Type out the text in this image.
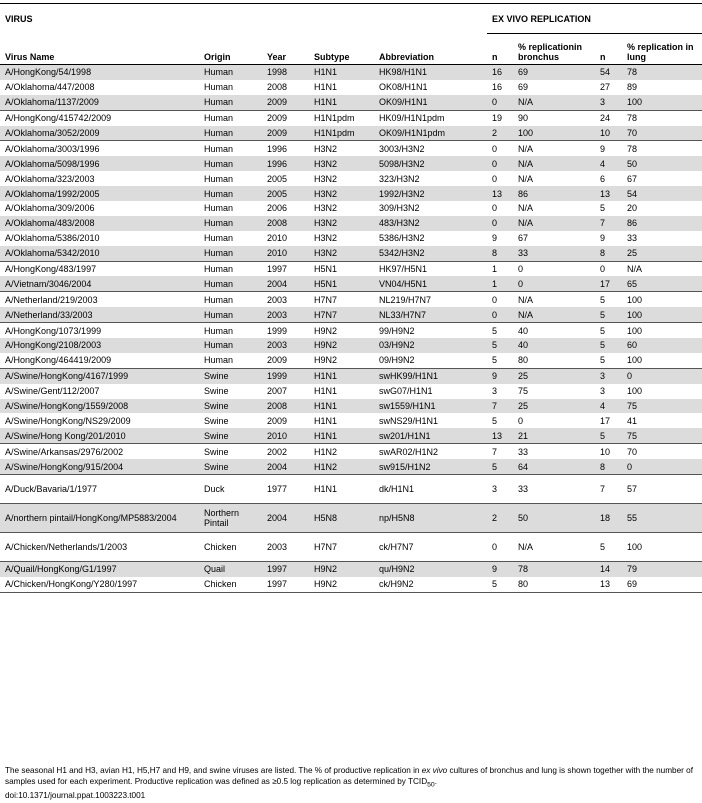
VIRUS					EX VIVO REPLICATION			
Virus Name	Origin	Year	Subtype	Abbreviation	n	% replicationin bronchus	n	% replication in lung
A/HongKong/54/1998	Human	1998	H1N1	HK98/H1N1	16	69	54	78
A/Oklahoma/447/2008	Human	2008	H1N1	OK08/H1N1	16	69	27	89
A/Oklahoma/1137/2009	Human	2009	H1N1	OK09/H1N1	0	N/A	3	100
A/HongKong/415742/2009	Human	2009	H1N1pdm	HK09/H1N1pdm	19	90	24	78
A/Oklahoma/3052/2009	Human	2009	H1N1pdm	OK09/H1N1pdm	2	100	10	70
A/Oklahoma/3003/1996	Human	1996	H3N2	3003/H3N2	0	N/A	9	78
A/Oklahoma/5098/1996	Human	1996	H3N2	5098/H3N2	0	N/A	4	50
A/Oklahoma/323/2003	Human	2005	H3N2	323/H3N2	0	N/A	6	67
A/Oklahoma/1992/2005	Human	2005	H3N2	1992/H3N2	13	86	13	54
A/Oklahoma/309/2006	Human	2006	H3N2	309/H3N2	0	N/A	5	20
A/Oklahoma/483/2008	Human	2008	H3N2	483/H3N2	0	N/A	7	86
A/Oklahoma/5386/2010	Human	2010	H3N2	5386/H3N2	9	67	9	33
A/Oklahoma/5342/2010	Human	2010	H3N2	5342/H3N2	8	33	8	25
A/HongKong/483/1997	Human	1997	H5N1	HK97/H5N1	1	0	0	N/A
A/Vietnam/3046/2004	Human	2004	H5N1	VN04/H5N1	1	0	17	65
A/Netherland/219/2003	Human	2003	H7N7	NL219/H7N7	0	N/A	5	100
A/Netherland/33/2003	Human	2003	H7N7	NL33/H7N7	0	N/A	5	100
A/HongKong/1073/1999	Human	1999	H9N2	99/H9N2	5	40	5	100
A/HongKong/2108/2003	Human	2003	H9N2	03/H9N2	5	40	5	60
A/HongKong/464419/2009	Human	2009	H9N2	09/H9N2	5	80	5	100
A/Swine/HongKong/4167/1999	Swine	1999	H1N1	swHK99/H1N1	9	25	3	0
A/Swine/Gent/112/2007	Swine	2007	H1N1	swG07/H1N1	3	75	3	100
A/Swine/HongKong/1559/2008	Swine	2008	H1N1	sw1559/H1N1	7	25	4	75
A/Swine/HongKong/NS29/2009	Swine	2009	H1N1	swNS29/H1N1	5	0	17	41
A/Swine/Hong Kong/201/2010	Swine	2010	H1N1	sw201/H1N1	13	21	5	75
A/Swine/Arkansas/2976/2002	Swine	2002	H1N2	swAR02/H1N2	7	33	10	70
A/Swine/HongKong/915/2004	Swine	2004	H1N2	sw915/H1N2	5	64	8	0
A/Duck/Bavaria/1/1977	Duck	1977	H1N1	dk/H1N1	3	33	7	57
A/northern pintail/HongKong/MP5883/2004	Northern Pintail	2004	H5N8	np/H5N8	2	50	18	55
A/Chicken/Netherlands/1/2003	Chicken	2003	H7N7	ck/H7N7	0	N/A	5	100
A/Quail/HongKong/G1/1997	Quail	1997	H9N2	qu/H9N2	9	78	14	79
A/Chicken/HongKong/Y280/1997	Chicken	1997	H9N2	ck/H9N2	5	80	13	69
The seasonal H1 and H3, avian H1, H5,H7 and H9, and swine viruses are listed. The % of productive replication in ex vivo cultures of bronchus and lung is shown together with the number of samples used for each experiment. Productive replication was defined as ≥0.5 log replication as determined by $TCID_{50}$.
doi:10.1371/journal.ppat.1003223.t001
